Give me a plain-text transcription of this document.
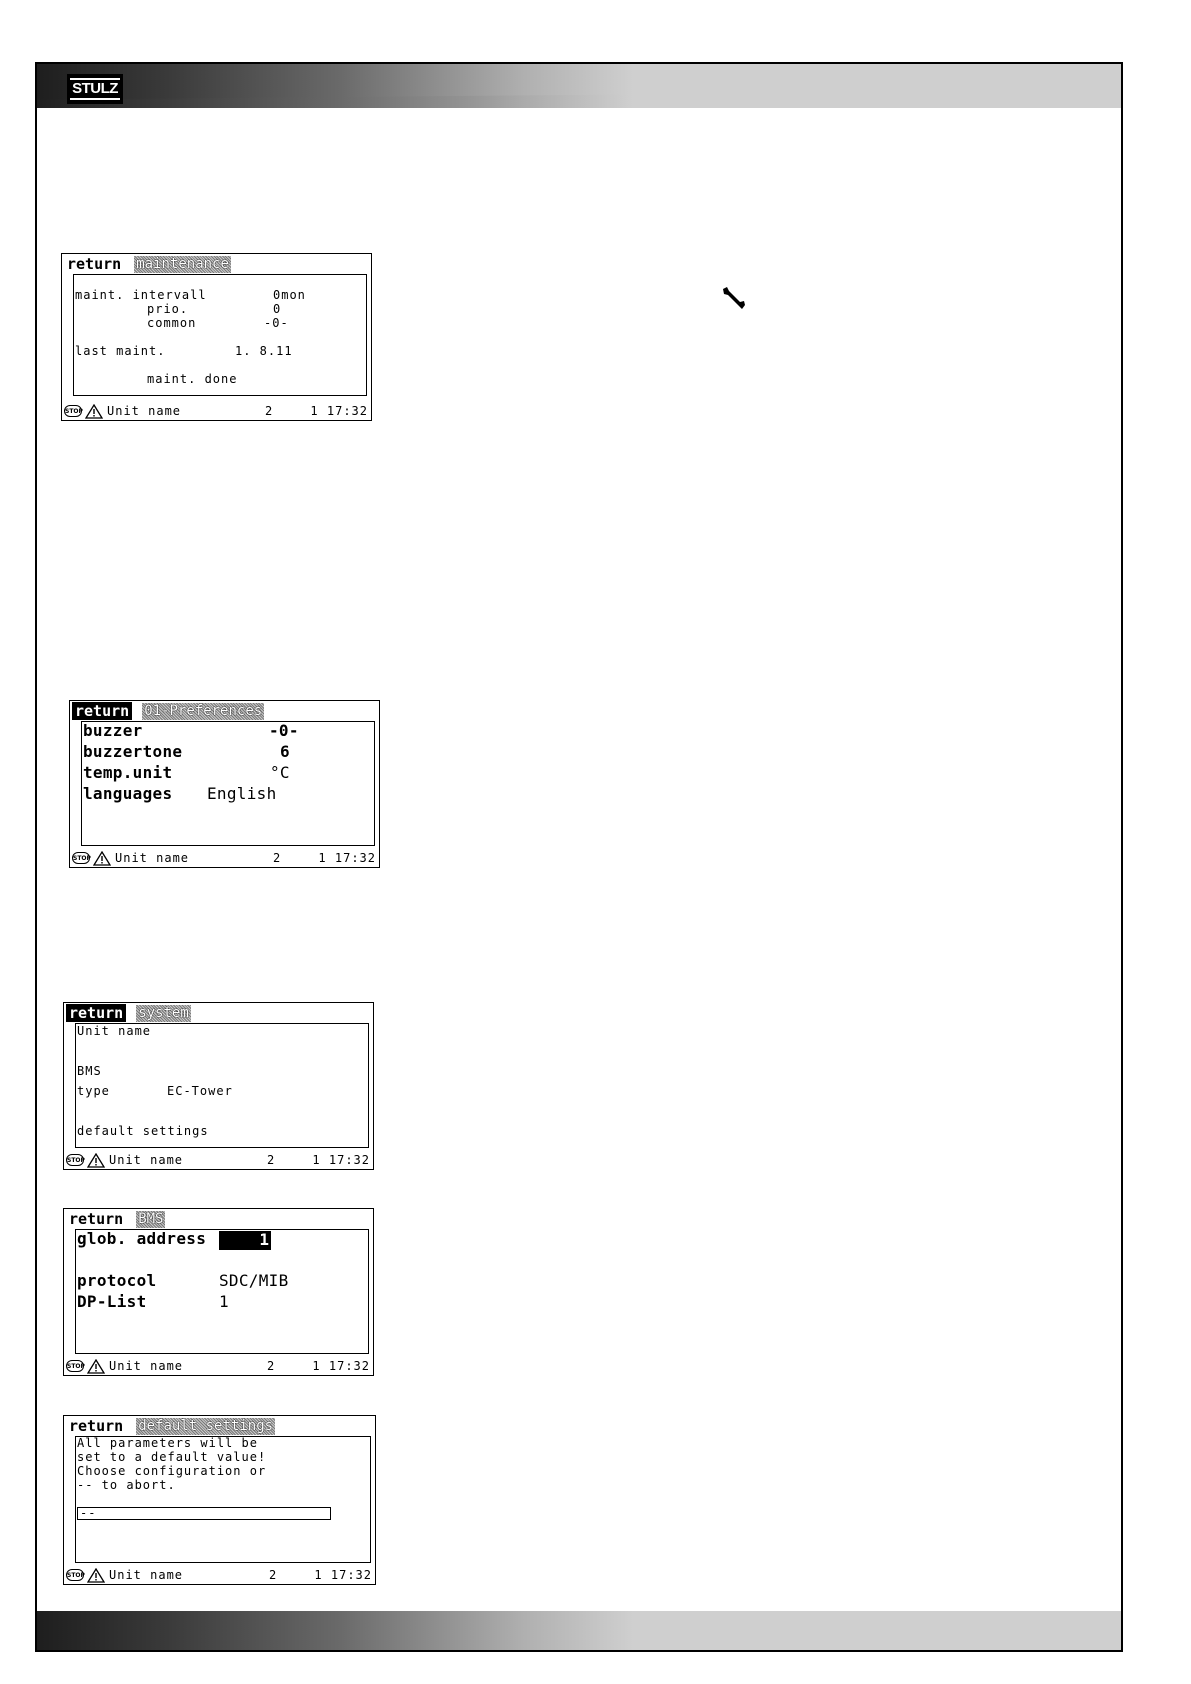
STULZ
return maintenance
maint. intervall	0mon
prio.	0
common	-0-
last maint.	1. 8.11
maint. done
STOP Unit name	2	1 17:32
return 01-Preferences
buzzer	-0-
buzzertone	6
temp.unit	°C
languages English
STOP Unit name	2	1 17:32
return system
Unit name
BMS
type	EC-Tower
default settings
STOP Unit name	2	1 17:32
return BMS
glob. address	1
protocol	SDC/MIB
DP-List	1
STOP Unit name	2	1 17:32
return default settings
All parameters will be
set to a default value!
Choose configuration or
-- to abort.
--
STOP Unit name	2	1 17:32
